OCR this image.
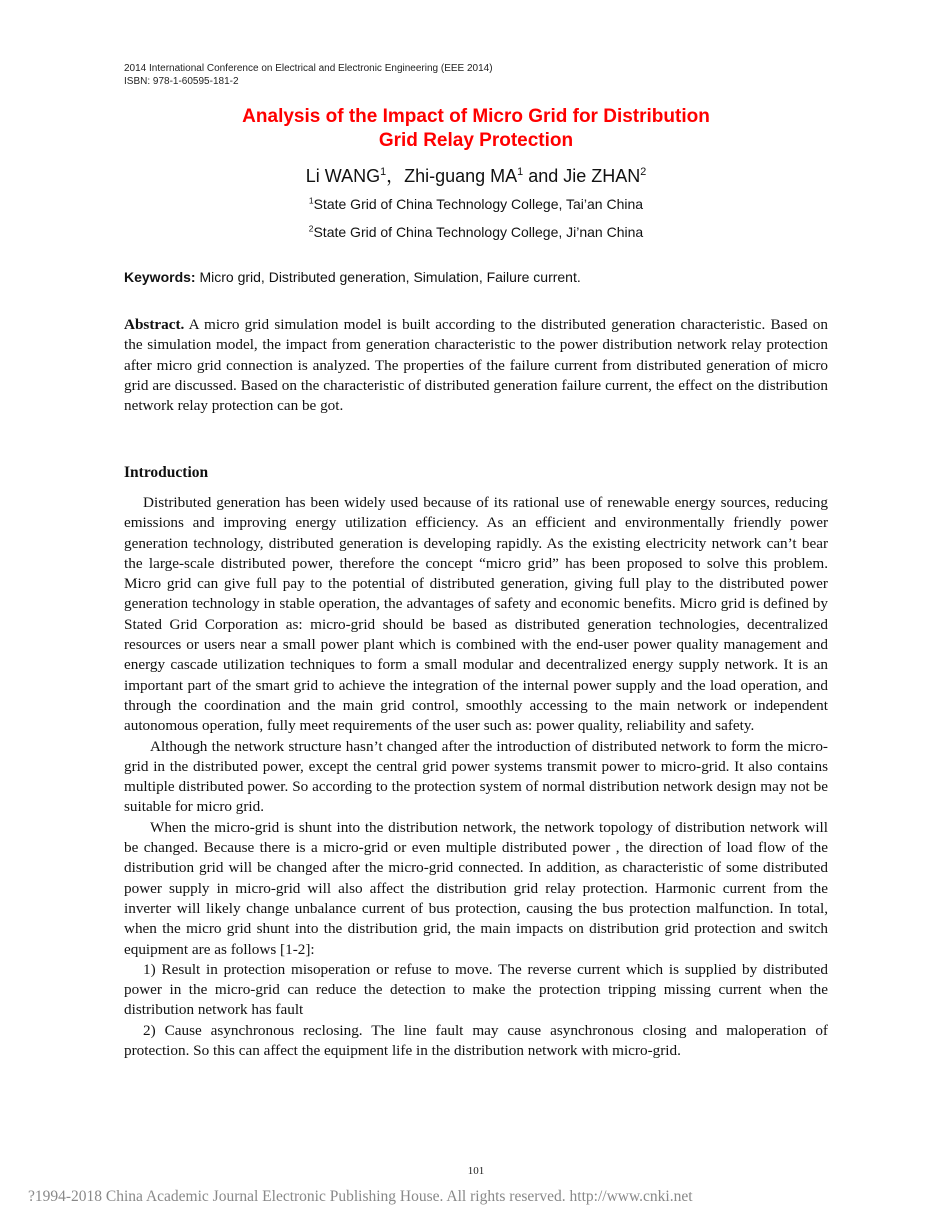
2014 International Conference on Electrical and Electronic Engineering (EEE 2014)
ISBN: 978-1-60595-181-2
Analysis of the Impact of Micro Grid for Distribution
Grid Relay Protection
Li WANG$^1$，Zhi-guang $MA^1$ and Jie ZHAN$^2$
$^1$State Grid of China Technology College, Tai’an China
$^2$State Grid of China Technology College, Ji’nan China
Keywords: Micro grid, Distributed generation, Simulation, Failure current.

Abstract. A micro grid simulation model is built according to the distributed generation characteristic. Based on the simulation model, the impact from generation characteristic to the power distribution network relay protection after micro grid connection is analyzed. The properties of the failure current from distributed generation of micro grid are discussed. Based on the characteristic of distributed generation failure current, the effect on the distribution network relay protection can be got.

Introduction

Distributed generation has been widely used because of its rational use of renewable energy sources, reducing emissions and improving energy utilization efficiency. As an efficient and environmentally friendly power generation technology, distributed generation is developing rapidly. As the existing electricity network can’t bear the large-scale distributed power, therefore the concept “micro grid” has been proposed to solve this problem. Micro grid can give full pay to the potential of distributed generation, giving full play to the distributed power generation technology in stable operation, the advantages of safety and economic benefits. Micro grid is defined by Stated Grid Corporation as: micro-grid should be based as distributed generation technologies, decentralized resources or users near a small power plant which is combined with the end-user power quality management and energy cascade utilization techniques to form a small modular and decentralized energy supply network. It is an important part of the smart grid to achieve the integration of the internal power supply and the load operation, and through the coordination and the main grid control, smoothly accessing to the main network or independent autonomous operation, fully meet requirements of the user such as: power quality, reliability and safety.

Although the network structure hasn’t changed after the introduction of distributed network to form the micro-grid in the distributed power, except the central grid power systems transmit power to micro-grid. It also contains multiple distributed power. So according to the protection system of normal distribution network design may not be suitable for micro grid.

When the micro-grid is shunt into the distribution network, the network topology of distribution network will be changed. Because there is a micro-grid or even multiple distributed power , the direction of load flow of the distribution grid will be changed after the micro-grid connected. In addition, as characteristic of some distributed power supply in micro-grid will also affect the distribution grid relay protection. Harmonic current from the inverter will likely change unbalance current of bus protection, causing the bus protection malfunction. In total, when the micro grid shunt into the distribution grid, the main impacts on distribution grid protection and switch equipment are as follows [1-2]:

1) Result in protection misoperation or refuse to move. The reverse current which is supplied by distributed power in the micro-grid can reduce the detection to make the protection tripping missing current when the distribution network has fault

2) Cause asynchronous reclosing. The line fault may cause asynchronous closing and maloperation of protection. So this can affect the equipment life in the distribution network with micro-grid.

101
?1994-2018 China Academic Journal Electronic Publishing House. All rights reserved. http://www.cnki.net
